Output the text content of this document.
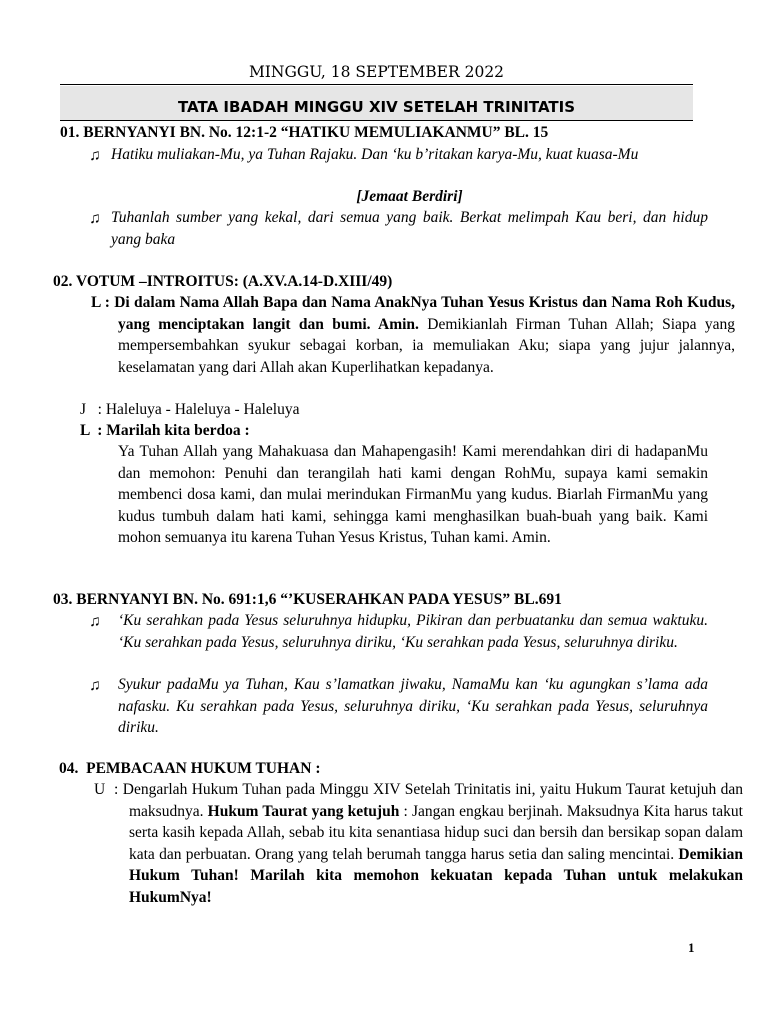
MINGGU, 18 SEPTEMBER 2022
TATA IBADAH MINGGU XIV SETELAH TRINITATIS
01. BERNYANYI BN. No. 12:1-2 “HATIKU MEMULIAKANMU” BL. 15
♫ Hatiku muliakan-Mu, ya Tuhan Rajaku. Dan ‘ku b’ritakan karya-Mu, kuat kuasa-Mu
[Jemaat Berdiri]
♫ Tuhanlah sumber yang kekal, dari semua yang baik. Berkat melimpah Kau beri, dan hidup yang baka
02. VOTUM –INTROITUS: (A.XV.A.14-D.XIII/49)
L : Di dalam Nama Allah Bapa dan Nama AnakNya Tuhan Yesus Kristus dan Nama Roh Kudus, yang menciptakan langit dan bumi. Amin. Demikianlah Firman Tuhan Allah; Siapa yang mempersembahkan syukur sebagai korban, ia memuliakan Aku; siapa yang jujur jalannya, keselamatan yang dari Allah akan Kuperlihatkan kepadanya.
J   : Haleluya - Haleluya - Haleluya
L  : Marilah kita berdoa :
Ya Tuhan Allah yang Mahakuasa dan Mahapengasih! Kami merendahkan diri di hadapanMu dan memohon: Penuhi dan terangilah hati kami dengan RohMu, supaya kami semakin membenci dosa kami, dan mulai merindukan FirmanMu yang kudus. Biarlah FirmanMu yang kudus tumbuh dalam hati kami, sehingga kami menghasilkan buah-buah yang baik. Kami mohon semuanya itu karena Tuhan Yesus Kristus, Tuhan kami. Amin.
03. BERNYANYI BN. No. 691:1,6 “’KUSERAHKAN PADA YESUS” BL.691
♫ ‘Ku serahkan pada Yesus seluruhnya hidupku, Pikiran dan perbuatanku dan semua waktuku. ‘Ku serahkan pada Yesus, seluruhnya diriku, ‘Ku serahkan pada Yesus, seluruhnya diriku.
♫ Syukur padaMu ya Tuhan, Kau s’lamatkan jiwaku, NamaMu kan ‘ku agungkan s’lama ada nafasku. Ku serahkan pada Yesus, seluruhnya diriku, ‘Ku serahkan pada Yesus, seluruhnya diriku.
04.  PEMBACAAN HUKUM TUHAN :
U  : Dengarlah Hukum Tuhan pada Minggu XIV Setelah Trinitatis ini, yaitu Hukum Taurat ketujuh dan maksudnya. Hukum Taurat yang ketujuh : Jangan engkau berjinah. Maksudnya Kita harus takut serta kasih kepada Allah, sebab itu kita senantiasa hidup suci dan bersih dan bersikap sopan dalam kata dan perbuatan. Orang yang telah berumah tangga harus setia dan saling mencintai. Demikian Hukum Tuhan! Marilah kita memohon kekuatan kepada Tuhan untuk melakukan HukumNya!
1
